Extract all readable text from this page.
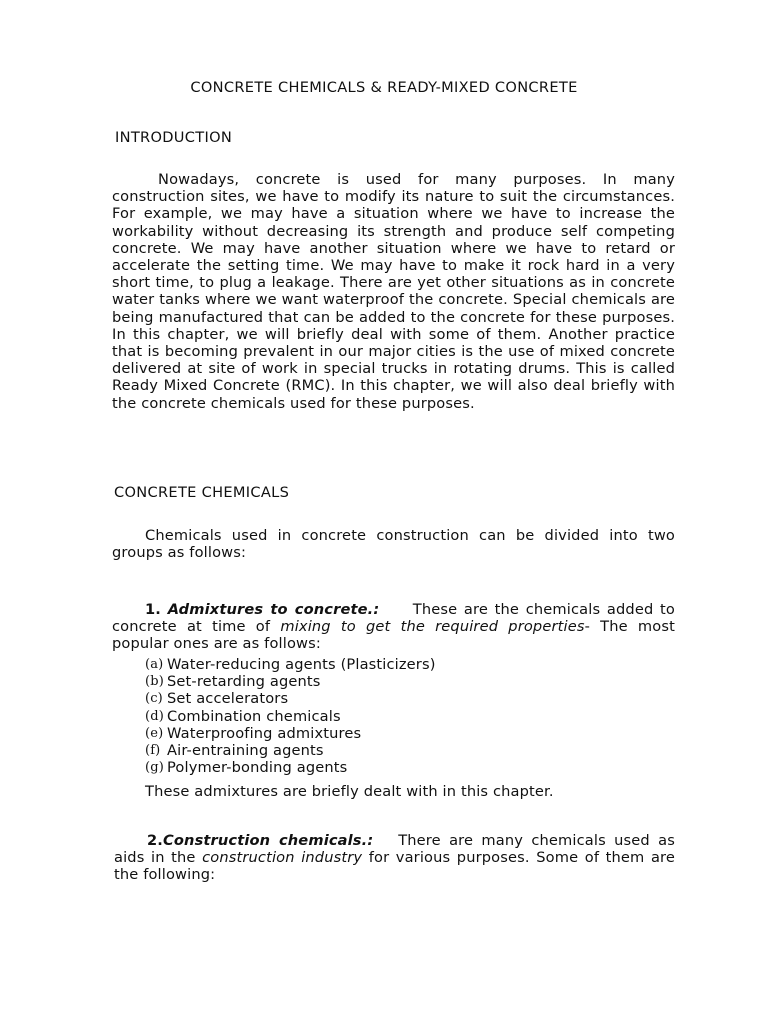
CONCRETE CHEMICALS & READY-MIXED CONCRETE
INTRODUCTION

Nowadays, concrete is used for many purposes. In many construction sites, we have to modify its nature to suit the circumstances. For example, we may have a situation where we have to increase the workability without decreasing its strength and produce self competing concrete. We may have another situation where we have to retard or accelerate the setting time. We may have to make it rock hard in a very short time, to plug a leakage. There are yet other situations as in concrete water tanks where we want waterproof the concrete. Special chemicals are being manufactured that can be added to the concrete for these purposes. In this chapter, we will briefly deal with some of them. Another practice that is becoming prevalent in our major cities is the use of mixed concrete delivered at site of work in special trucks in rotating drums. This is called Ready Mixed Concrete (RMC). In this chapter, we will also deal briefly with the concrete chemicals used for these purposes.

CONCRETE CHEMICALS

Chemicals used in concrete construction can be divided into two groups as follows:

1. Admixtures to concrete.: These are the chemicals added to concrete at time of mixing to get the required properties- The most popular ones are as follows:

(a) Water-reducing agents (Plasticizers)
(b) Set-retarding agents
(c) Set accelerators
(d) Combination chemicals
(e) Waterproofing admixtures
(f) Air-entraining agents
(g) Polymer-bonding agents
These admixtures are briefly dealt with in this chapter.

2.Construction chemicals.: There are many chemicals used as aids in the construction industry for various purposes. Some of them are the following:
